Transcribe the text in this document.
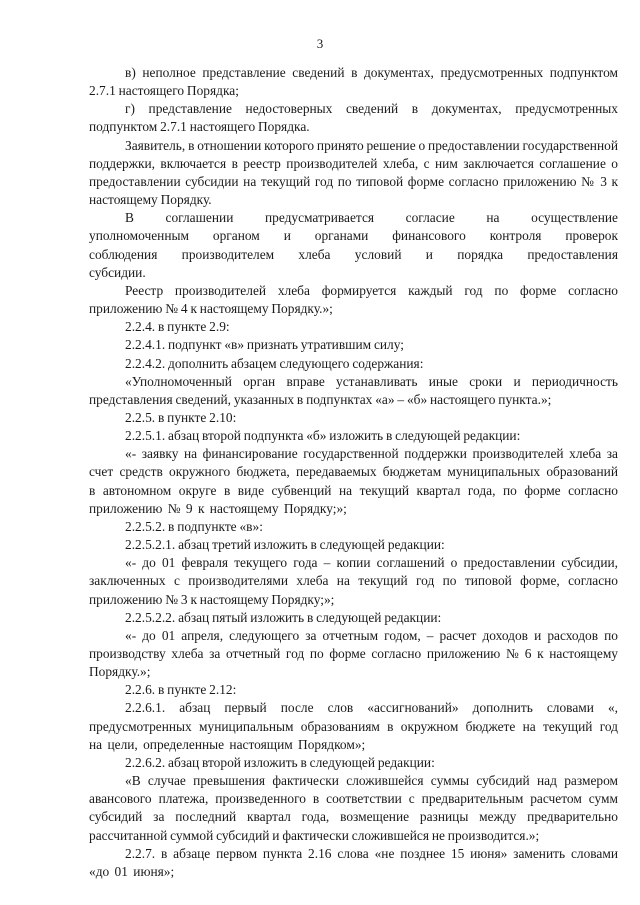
3

в) неполное представление сведений в документах, предусмотренных подпунктом 2.7.1 настоящего Порядка;

г) представление недостоверных сведений в документах, предусмотренных подпунктом 2.7.1 настоящего Порядка.

Заявитель, в отношении которого принято решение о предоставлении государственной поддержки, включается в реестр производителей хлеба, с ним заключается соглашение о предоставлении субсидии на текущий год по типовой форме согласно приложению № 3 к настоящему Порядку.

В соглашении предусматривается согласие на осуществление уполномоченным органом и органами финансового контроля проверок соблюдения производителем хлеба условий и порядка предоставления субсидии.

Реестр производителей хлеба формируется каждый год по форме согласно приложению № 4 к настоящему Порядку.»;

2.2.4. в пункте 2.9:

2.2.4.1. подпункт «в» признать утратившим силу;

2.2.4.2. дополнить абзацем следующего содержания:

«Уполномоченный орган вправе устанавливать иные сроки и периодичность представления сведений, указанных в подпунктах «а» – «б» настоящего пункта.»;

2.2.5. в пункте 2.10:

2.2.5.1. абзац второй подпункта «б» изложить в следующей редакции:

«- заявку на финансирование государственной поддержки производителей хлеба за счет средств окружного бюджета, передаваемых бюджетам муниципальных образований в автономном округе в виде субвенций на текущий квартал года, по форме согласно приложению № 9 к настоящему Порядку;»;

2.2.5.2. в подпункте «в»:

2.2.5.2.1. абзац третий изложить в следующей редакции:

«- до 01 февраля текущего года – копии соглашений о предоставлении субсидии, заключенных с производителями хлеба на текущий год по типовой форме, согласно приложению № 3 к настоящему Порядку;»;

2.2.5.2.2. абзац пятый изложить в следующей редакции:

«- до 01 апреля, следующего за отчетным годом, – расчет доходов и расходов по производству хлеба за отчетный год по форме согласно приложению № 6 к настоящему Порядку.»;

2.2.6. в пункте 2.12:

2.2.6.1. абзац первый после слов «ассигнований» дополнить словами «, предусмотренных муниципальным образованиям в окружном бюджете на текущий год на цели, определенные настоящим Порядком»;

2.2.6.2. абзац второй изложить в следующей редакции:

«В случае превышения фактически сложившейся суммы субсидий над размером авансового платежа, произведенного в соответствии с предварительным расчетом сумм субсидий за последний квартал года, возмещение разницы между предварительно рассчитанной суммой субсидий и фактически сложившейся не производится.»;

2.2.7. в абзаце первом пункта 2.16 слова «не позднее 15 июня» заменить словами «до 01 июня»;
